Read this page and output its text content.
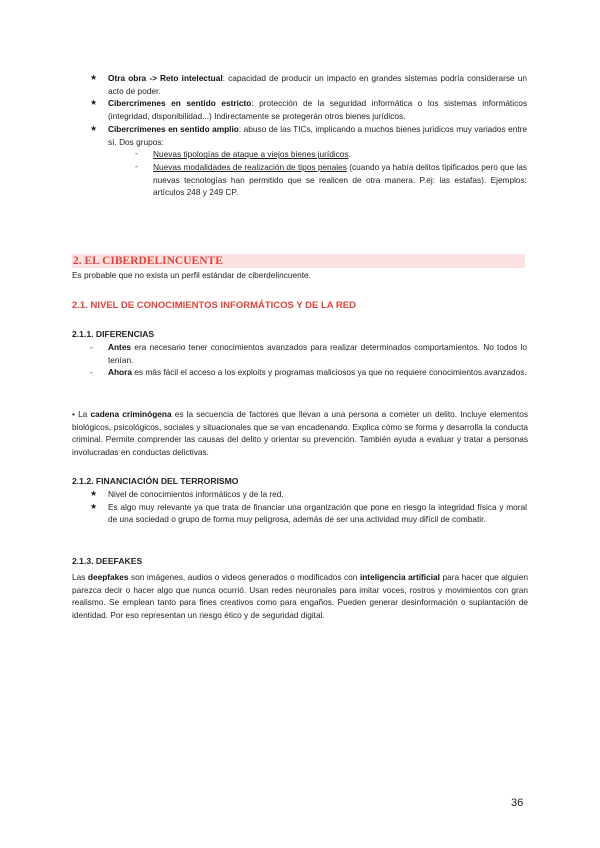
★ Otra obra -> Reto intelectual: capacidad de producir un impacto en grandes sistemas podría considerarse un acto de poder.
★ Cibercrímenes en sentido estricto: protección de la seguridad informática o los sistemas informáticos (integridad, disponibilidad...) Indirectamente se protegerán otros bienes jurídicos.
★ Cibercrímenes en sentido amplio: abuso de las TICs, implicando a muchos bienes jurídicos muy variados entre sí. Dos grupos:
- Nuevas tipologías de ataque a viejos bienes jurídicos.
- Nuevas modalidades de realización de tipos penales (cuando ya había delitos tipificados pero que las nuevas tecnologías han permitido que se realicen de otra manera. P.ej: las estafas). Ejemplos: artículos 248 y 249 CP.
2. EL CIBERDELINCUENTE

Es probable que no exista un perfil estándar de ciberdelincuente.

2.1. NIVEL DE CONOCIMIENTOS INFORMÁTICOS Y DE LA RED
2.1.1. DIFERENCIAS
- Antes era necesario tener conocimientos avanzados para realizar determinados comportamientos. No todos lo tenían.
- Ahora es más fácil el acceso a los exploits y programas maliciosos ya que no requiere conocimientos avanzados.

• La cadena criminógena es la secuencia de factores que llevan a una persona a cometer un delito. Incluye elementos biológicos, psicológicos, sociales y situacionales que se van encadenando. Explica cómo se forma y desarrolla la conducta criminal. Permite comprender las causas del delito y orientar su prevención. También ayuda a evaluar y tratar a personas involucradas en conductas delictivas.

2.1.2. FINANCIACIÓN DEL TERRORISMO
★ Nivel de conocimientos informáticos y de la red.
★ Es algo muy relevante ya que trata de financiar una organización que pone en riesgo la integridad física y moral de una sociedad o grupo de forma muy peligrosa, además de ser una actividad muy difícil de combatir.
2.1.3. DEEFAKES

Las deepfakes son imágenes, audios o videos generados o modificados con inteligencia artificial para hacer que alguien parezca decir o hacer algo que nunca ocurrió. Usan redes neuronales para imitar voces, rostros y movimientos con gran realismo. Se emplean tanto para fines creativos como para engaños. Pueden generar desinformación o suplantación de identidad. Por eso representan un riesgo ético y de seguridad digital.

36
